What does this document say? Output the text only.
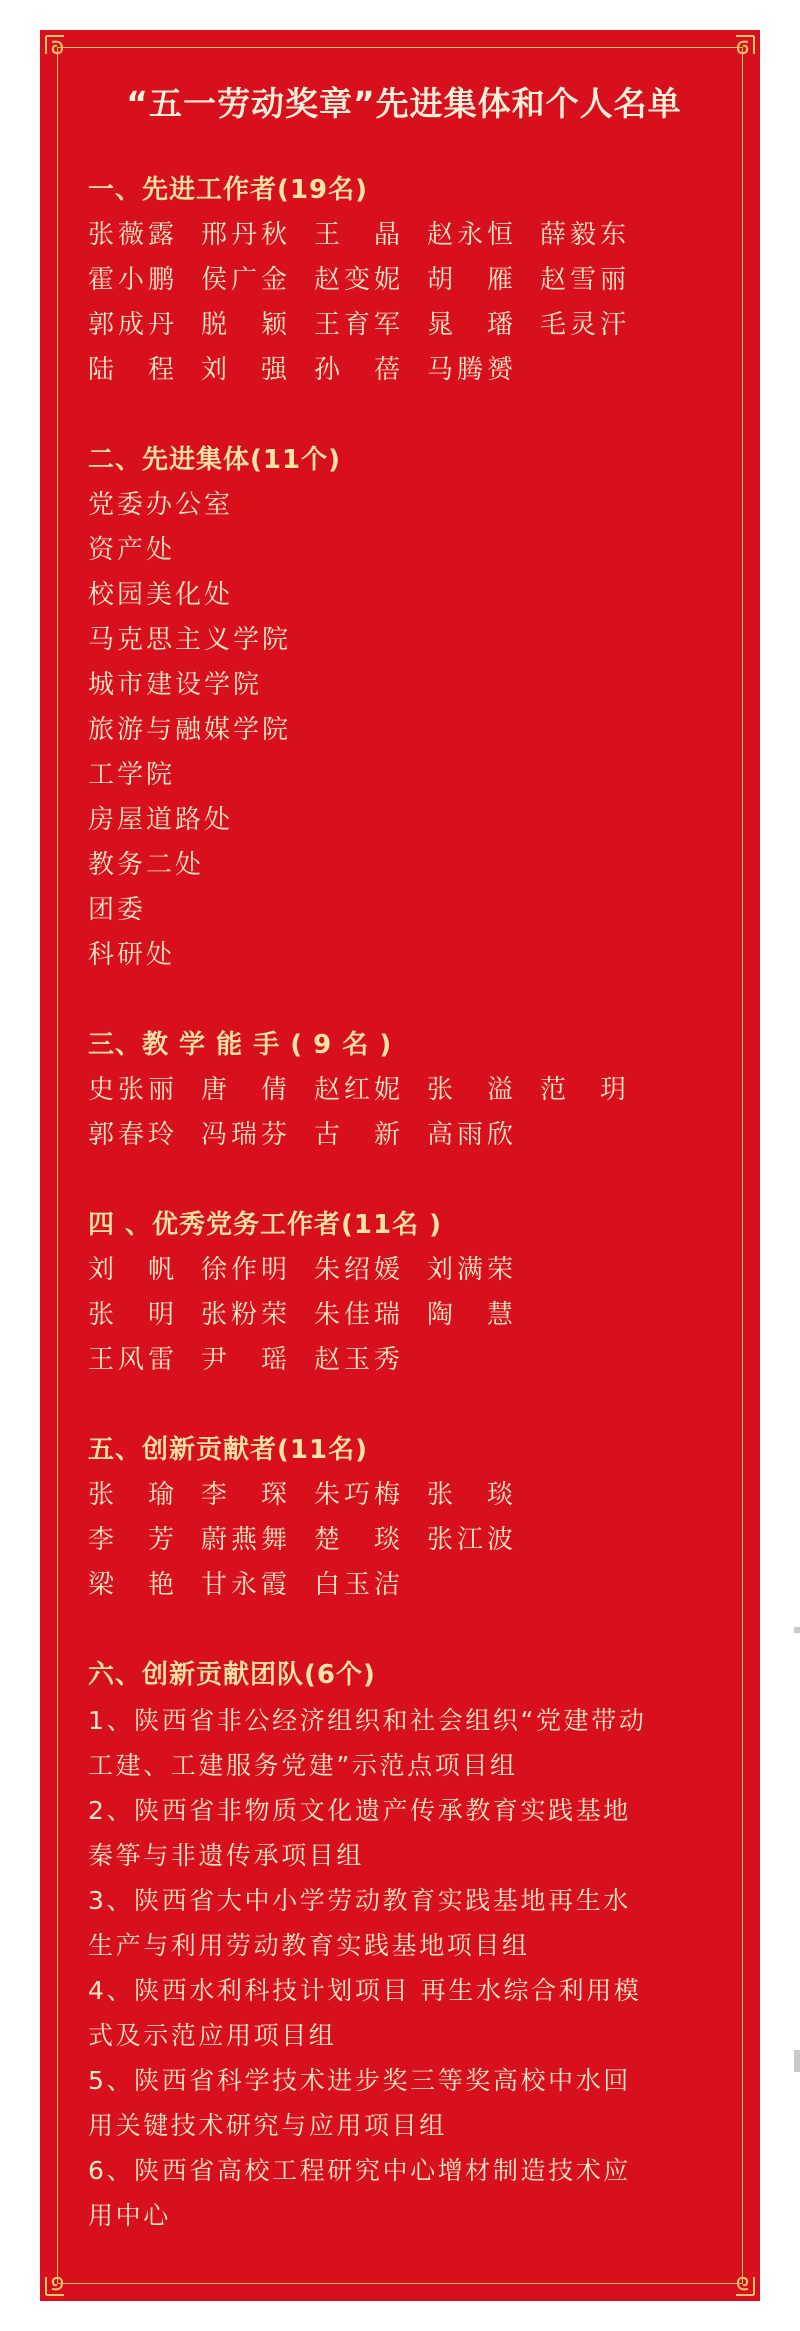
“五一劳动奖章”先进集体和个人名单
一、先进工作者(19名)
张薇露 邢丹秋 王　晶 赵永恒 薛毅东
霍小鹏 侯广金 赵变妮 胡　雁 赵雪丽
郭成丹 脱　颖 王育军 晁　璠 毛灵汗
陆　程 刘　强 孙　蓓 马腾赟
二、先进集体(11个)
党委办公室
资产处
校园美化处
马克思主义学院
城市建设学院
旅游与融媒学院
工学院
房屋道路处
教务二处
团委
科研处
三、教 学 能 手 ( 9 名 )
史张丽 唐　倩 赵红妮 张　溢 范　玥
郭春玲 冯瑞芬 古　新 高雨欣
四 、优秀党务工作者(11名 )
刘　帆 徐作明 朱绍媛 刘满荣
张　明 张粉荣 朱佳瑞 陶　慧
王风雷 尹　瑶 赵玉秀
五、创新贡献者(11名)
张　瑜 李　琛 朱巧梅 张　琰
李　芳 蔚燕舞 楚　琰 张江波
梁　艳 甘永霞 白玉洁
六、创新贡献团队(6个)
1、陕西省非公经济组织和社会组织“党建带动
工建、工建服务党建”示范点项目组
2、陕西省非物质文化遗产传承教育实践基地
秦筝与非遗传承项目组
3、陕西省大中小学劳动教育实践基地再生水
生产与利用劳动教育实践基地项目组
4、陕西水利科技计划项目 再生水综合利用模
式及示范应用项目组
5、陕西省科学技术进步奖三等奖高校中水回
用关键技术研究与应用项目组
6、陕西省高校工程研究中心增材制造技术应
用中心
